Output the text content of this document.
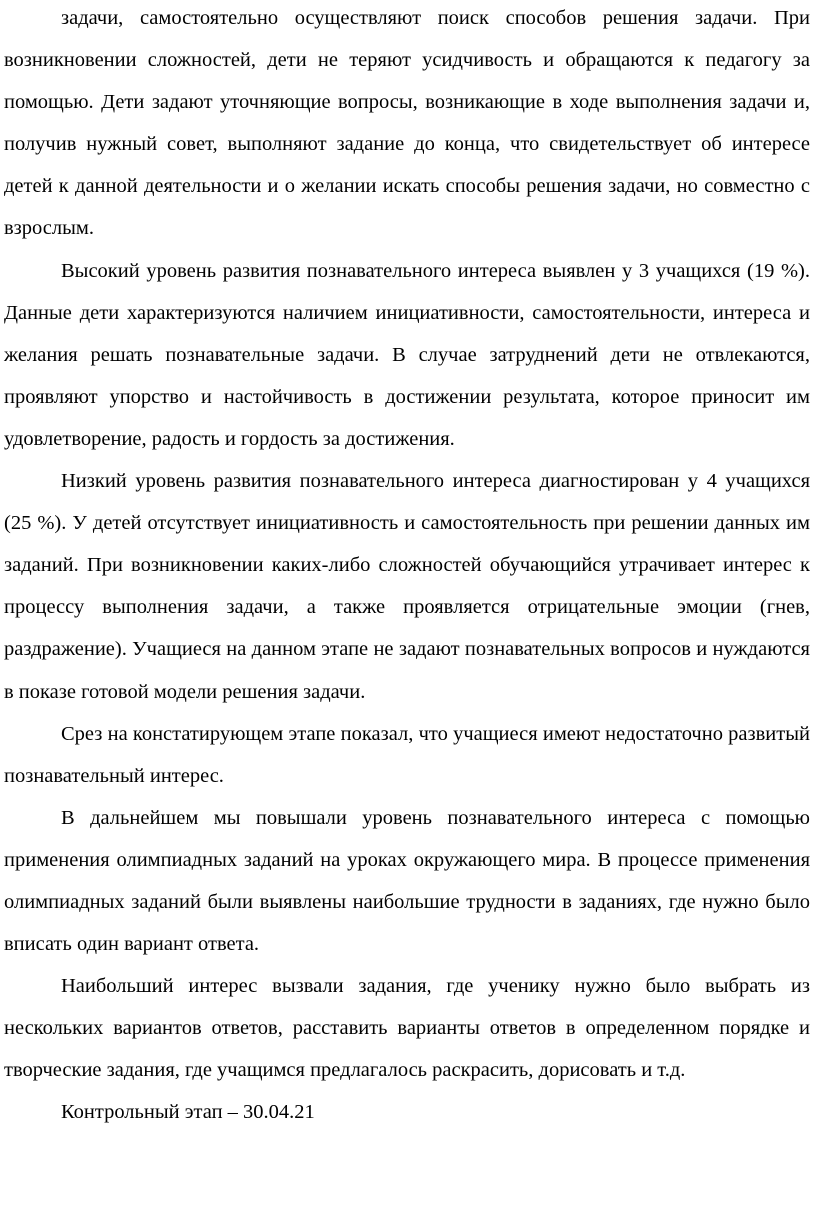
задачи, самостоятельно осуществляют поиск способов решения задачи. При возникновении сложностей, дети не теряют усидчивость и обращаются к педагогу за помощью. Дети задают уточняющие вопросы, возникающие в ходе выполнения задачи и, получив нужный совет, выполняют задание до конца, что свидетельствует об интересе детей к данной деятельности и о желании искать способы решения задачи, но совместно с взрослым.

Высокий уровень развития познавательного интереса выявлен у 3 учащихся (19 %). Данные дети характеризуются наличием инициативности, самостоятельности, интереса и желания решать познавательные задачи. В случае затруднений дети не отвлекаются, проявляют упорство и настойчивость в достижении результата, которое приносит им удовлетворение, радость и гордость за достижения.

Низкий уровень развития познавательного интереса диагностирован у 4 учащихся (25 %). У детей отсутствует инициативность и самостоятельность при решении данных им заданий. При возникновении каких-либо сложностей обучающийся утрачивает интерес к процессу выполнения задачи, а также проявляется отрицательные эмоции (гнев, раздражение). Учащиеся на данном этапе не задают познавательных вопросов и нуждаются в показе готовой модели решения задачи.

Срез на констатирующем этапе показал, что учащиеся имеют недостаточно развитый познавательный интерес.

В дальнейшем мы повышали уровень познавательного интереса с помощью применения олимпиадных заданий на уроках окружающего мира. В процессе применения олимпиадных заданий были выявлены наибольшие трудности в заданиях, где нужно было вписать один вариант ответа.

Наибольший интерес вызвали задания, где ученику нужно было выбрать из нескольких вариантов ответов, расставить варианты ответов в определенном порядке и творческие задания, где учащимся предлагалось раскрасить, дорисовать и т.д.

Контрольный этап – 30.04.21
